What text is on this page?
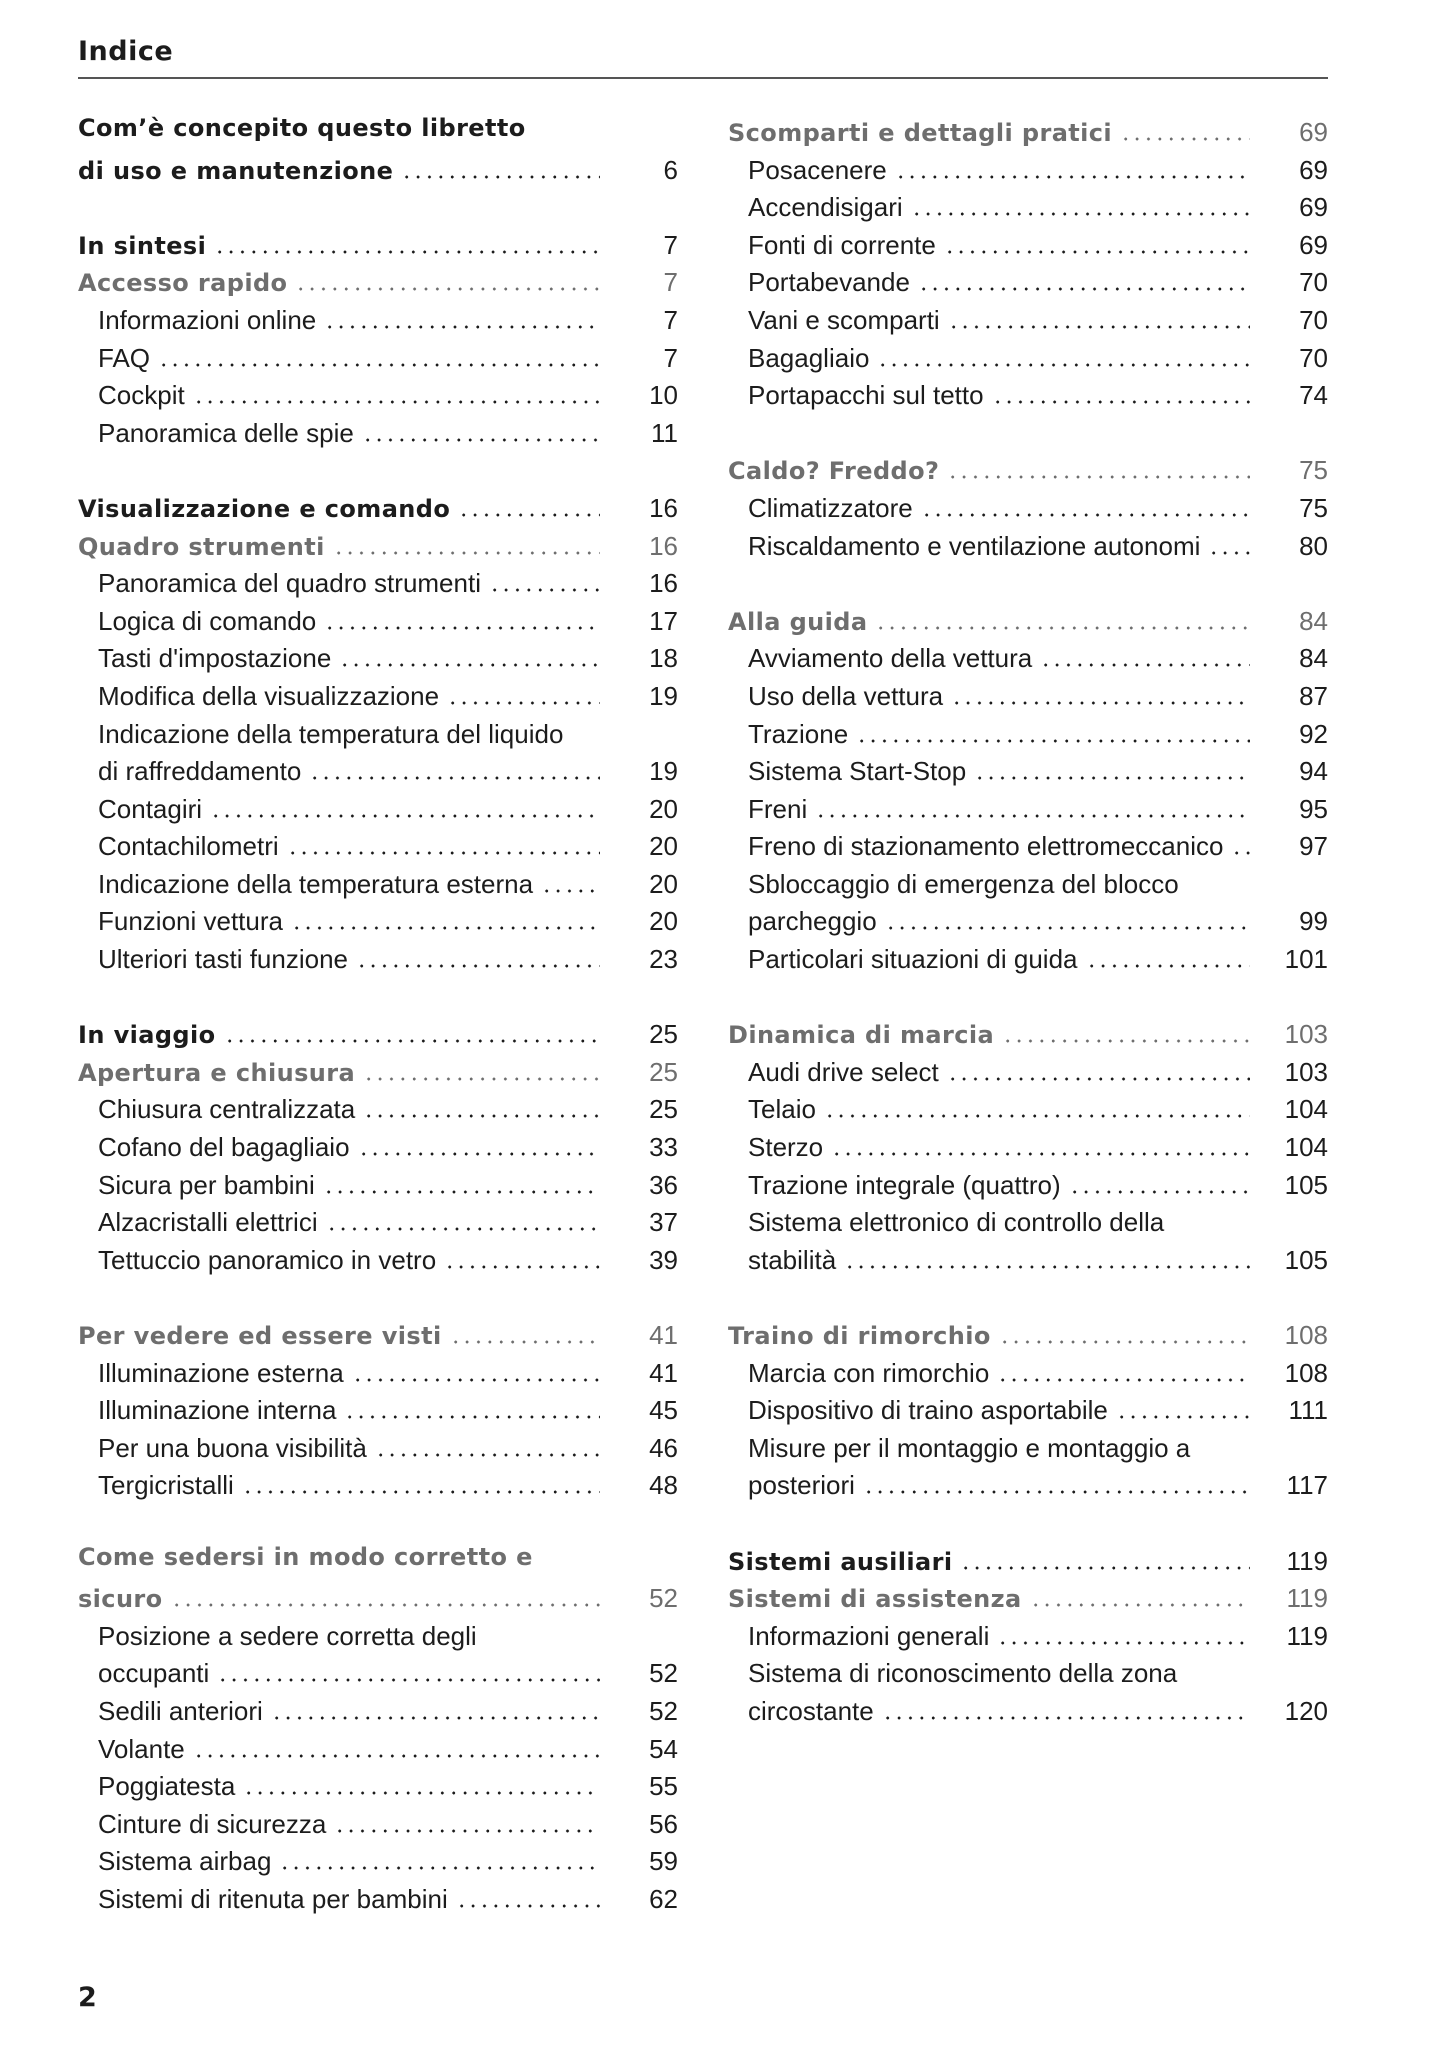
Indice
Com’è concepito questo libretto
di uso e manutenzione	6
In sintesi	7
Accesso rapido	7
Informazioni online	7
FAQ	7
Cockpit	10
Panoramica delle spie	11
Visualizzazione e comando	16
Quadro strumenti	16
Panoramica del quadro strumenti	16
Logica di comando	17
Tasti d'impostazione	18
Modifica della visualizzazione	19
Indicazione della temperatura del liquido
di raffreddamento	19
Contagiri	20
Contachilometri	20
Indicazione della temperatura esterna	20
Funzioni vettura	20
Ulteriori tasti funzione	23
In viaggio	25
Apertura e chiusura	25
Chiusura centralizzata	25
Cofano del bagagliaio	33
Sicura per bambini	36
Alzacristalli elettrici	37
Tettuccio panoramico in vetro	39
Per vedere ed essere visti	41
Illuminazione esterna	41
Illuminazione interna	45
Per una buona visibilità	46
Tergicristalli	48
Come sedersi in modo corretto e
sicuro	52
Posizione a sedere corretta degli
occupanti	52
Sedili anteriori	52
Volante	54
Poggiatesta	55
Cinture di sicurezza	56
Sistema airbag	59
Sistemi di ritenuta per bambini	62
Scomparti e dettagli pratici	69
Posacenere	69
Accendisigari	69
Fonti di corrente	69
Portabevande	70
Vani e scomparti	70
Bagagliaio	70
Portapacchi sul tetto	74
Caldo? Freddo?	75
Climatizzatore	75
Riscaldamento e ventilazione autonomi	80
Alla guida	84
Avviamento della vettura	84
Uso della vettura	87
Trazione	92
Sistema Start-Stop	94
Freni	95
Freno di stazionamento elettromeccanico	97
Sbloccaggio di emergenza del blocco
parcheggio	99
Particolari situazioni di guida	101
Dinamica di marcia	103
Audi drive select	103
Telaio	104
Sterzo	104
Trazione integrale (quattro)	105
Sistema elettronico di controllo della
stabilità	105
Traino di rimorchio	108
Marcia con rimorchio	108
Dispositivo di traino asportabile	111
Misure per il montaggio e montaggio a
posteriori	117
Sistemi ausiliari	119
Sistemi di assistenza	119
Informazioni generali	119
Sistema di riconoscimento della zona
circostante	120
2
